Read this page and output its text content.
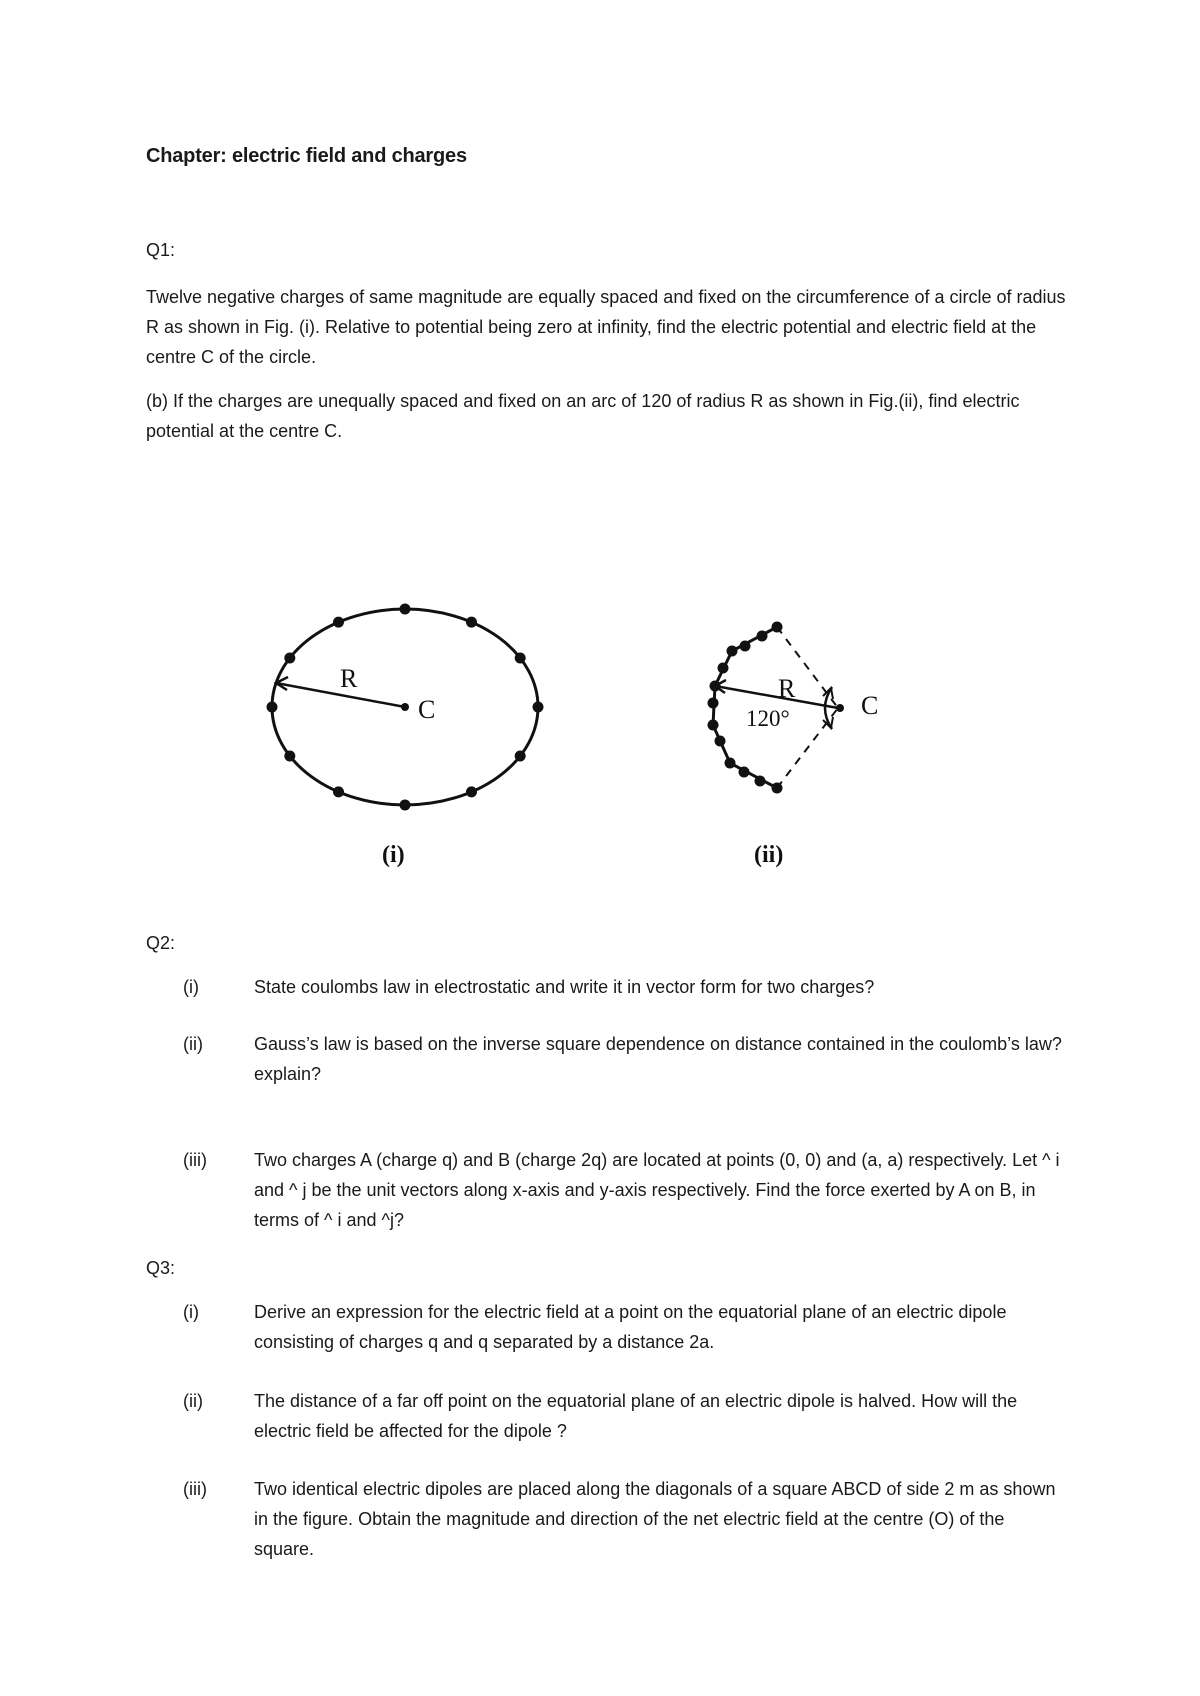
Chapter: electric field and charges
Q1:
Twelve negative charges of same magnitude are equally spaced and fixed on the circumference of a circle of radius R as shown in Fig. (i). Relative to potential being zero at infinity, find the electric potential and electric field at the centre C of the circle.
(b) If the charges are unequally spaced and fixed on an arc of 120 of radius R as shown in Fig.(ii), find electric potential at the centre C.
R
C
(i)
R
120°	C
(ii)
Q2:
(i)	State coulombs law in electrostatic and write it in vector form for two charges?
(ii)	Gauss’s law is based on the inverse square dependence on distance contained in the coulomb’s law? explain?
(iii)	Two charges A (charge q) and B (charge 2q) are located at points (0, 0) and (a, a) respectively. Let ^ i and ^ j be the unit vectors along x-axis and y-axis respectively. Find the force exerted by A on B, in terms of ^ i and ^j?
Q3:
(i)	Derive an expression for the electric field at a point on the equatorial plane of an electric dipole consisting of charges q and q separated by a distance 2a.
(ii)	The distance of a far off point on the equatorial plane of an electric dipole is halved. How will the electric field be affected for the dipole ?
(iii)	Two identical electric dipoles are placed along the diagonals of a square ABCD of side 2 m as shown in the figure. Obtain the magnitude and direction of the net electric field at the centre (O) of the square.
